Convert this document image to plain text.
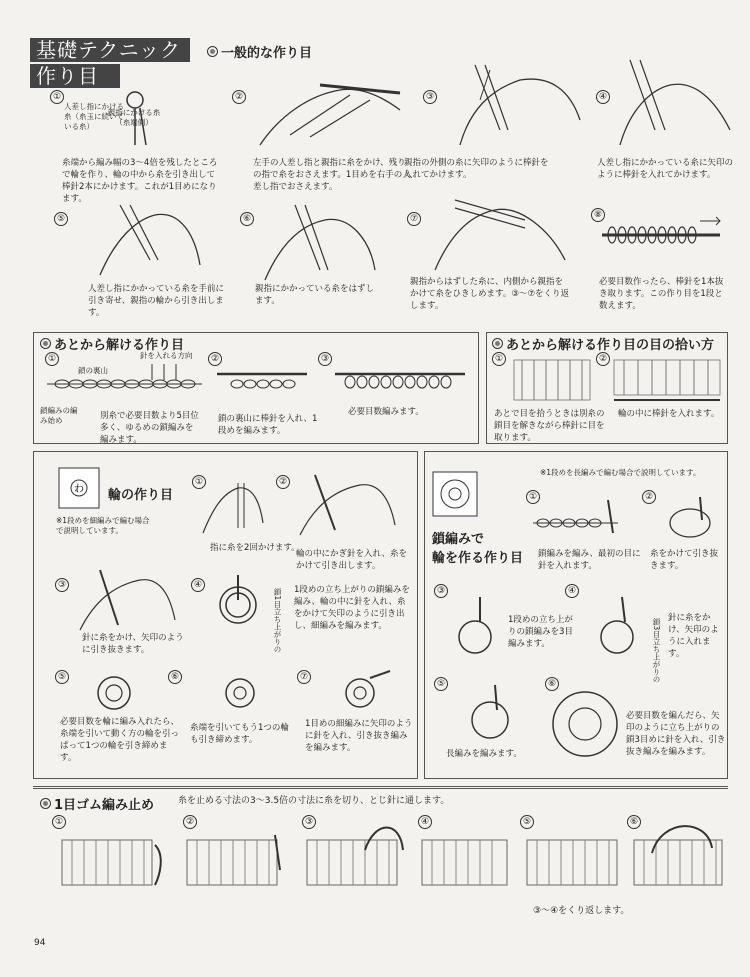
基礎テクニック
作り目
一般的な作り目
①	②	③	④
人差し指にかける糸（糸玉に続いている糸）
親指にかける糸（糸端側）
糸端から編み幅の3〜4倍を残したところで輪を作り、輪の中から糸を引き出して棒針2本にかけます。これが1目めになります。
左手の人差し指と親指に糸をかけ、残りの指で糸をおさえます。1目めを右手の人差し指でおさえます。
親指の外側の糸に矢印のように棒針を入れてかけます。
人差し指にかかっている糸に矢印のように棒針を入れてかけます。
⑤	⑥	⑦	⑧
人差し指にかかっている糸を手前に引き寄せ、親指の輪から引き出します。
親指にかかっている糸をはずします。
親指からはずした糸に、内側から親指をかけて糸をひきしめます。③〜⑦をくり返します。
必要目数作ったら、棒針を1本抜き取ります。この作り目を1段と数えます。
あとから解ける作り目
①	②	③
鎖の裏山
針を入れる方向
鎖編みの編み始め	別糸で必要目数より5目位多く、ゆるめの鎖編みを編みます。
鎖の裏山に棒針を入れ、1段めを編みます。
必要目数編みます。
あとから解ける作り目の目の拾い方
①	②
あとで目を拾うときは別糸の鎖目を解きながら棒針に目を取ります。
輪の中に棒針を入れます。
わ 輪の作り目
※1段めを細編みで編む場合で説明しています。
①	②
指に糸を2回かけます。
輪の中にかぎ針を入れ、糸をかけて引き出します。
③	④
鎖1目立ち上がりの
針に糸をかけ、矢印のように引き抜きます。
1段めの立ち上がりの鎖編みを編み、輪の中に針を入れ、糸をかけて矢印のように引き出し、細編みを編みます。
⑤	⑥	⑦
必要目数を輪に編み入れたら、糸端を引いて動く方の輪を引っぱって1つの輪を引き締めます。
糸端を引いてもう1つの輪も引き締めます。
1目めの細編みに矢印のように針を入れ、引き抜き編みを編みます。
※1段めを長編みで編む場合で説明しています。
鎖編みで
輪を作る作り目
①	②
鎖編みを編み、最初の目に針を入れます。
糸をかけて引き抜きます。
③	④
鎖3目立ち上がりの
1段めの立ち上がりの鎖編みを3目編みます。
針に糸をかけ、矢印のように入れます。
⑤	⑥
長編みを編みます。
必要目数を編んだら、矢印のように立ち上がりの鎖3目めに針を入れ、引き抜き編みを編みます。
1目ゴム編み止め	糸を止める寸法の3〜3.5倍の寸法に糸を切り、とじ針に通します。
①	②	③	④	⑤	⑥
③〜④をくり返します。
94
